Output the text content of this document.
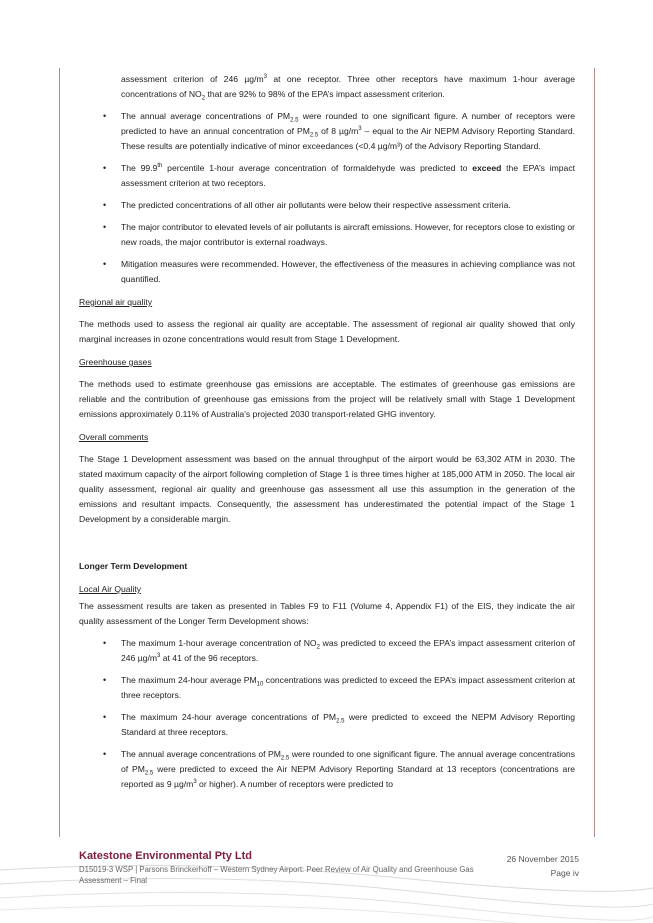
assessment criterion of 246 $\mu g/m^3$ at one receptor. Three other receptors have maximum 1-hour average concentrations of $NO_2$ that are 92% to 98% of the EPA’s impact assessment criterion.

• The annual average concentrations of $PM_{2.5}$ were rounded to one significant figure. A number of receptors were predicted to have an annual concentration of $PM_{2.5}$ of 8 $\mu g/m^3$ – equal to the Air NEPM Advisory Reporting Standard. These results are potentially indicative of minor exceedances (<0.4 µg/m³) of the Advisory Reporting Standard.
• The 99.9th percentile 1-hour average concentration of formaldehyde was predicted to exceed the EPA’s impact assessment criterion at two receptors.
• The predicted concentrations of all other air pollutants were below their respective assessment criteria.
• The major contributor to elevated levels of air pollutants is aircraft emissions. However, for receptors close to existing or new roads, the major contributor is external roadways.
• Mitigation measures were recommended. However, the effectiveness of the measures in achieving compliance was not quantified.

Regional air quality

The methods used to assess the regional air quality are acceptable. The assessment of regional air quality showed that only marginal increases in ozone concentrations would result from Stage 1 Development.

Greenhouse gases

The methods used to estimate greenhouse gas emissions are acceptable. The estimates of greenhouse gas emissions are reliable and the contribution of greenhouse gas emissions from the project will be relatively small with Stage 1 Development emissions approximately 0.11% of Australia’s projected 2030 transport-related GHG inventory.

Overall comments

The Stage 1 Development assessment was based on the annual throughput of the airport would be 63,302 ATM in 2030. The stated maximum capacity of the airport following completion of Stage 1 is three times higher at 185,000 ATM in 2050. The local air quality assessment, regional air quality and greenhouse gas assessment all use this assumption in the generation of the emissions and resultant impacts. Consequently, the assessment has underestimated the potential impact of the Stage 1 Development by a considerable margin.

Longer Term Development

Local Air Quality

The assessment results are taken as presented in Tables F9 to F11 (Volume 4, Appendix F1) of the EIS, they indicate the air quality assessment of the Longer Term Development shows:

• The maximum 1-hour average concentration of $NO_2$ was predicted to exceed the EPA’s impact assessment criterion of 246 $\mu g/m^3$ at 41 of the 96 receptors.
• The maximum 24-hour average $PM_{10}$ concentrations was predicted to exceed the EPA’s impact assessment criterion at three receptors.
• The maximum 24-hour average concentrations of $PM_{2.5}$ were predicted to exceed the NEPM Advisory Reporting Standard at three receptors.
• The annual average concentrations of $PM_{2.5}$ were rounded to one significant figure. The annual average concentrations of $PM_{2.5}$ were predicted to exceed the Air NEPM Advisory Reporting Standard at 13 receptors (concentrations are reported as 9 $\mu g/m^3$ or higher). A number of receptors were predicted to
Katestone Environmental Pty Ltd	26 November 2015
D15019-3 WSP | Parsons Brinckerhoff – Western Sydney Airport: Peer Review of Air Quality and Greenhouse Gas Assessment – Final
Page iv
